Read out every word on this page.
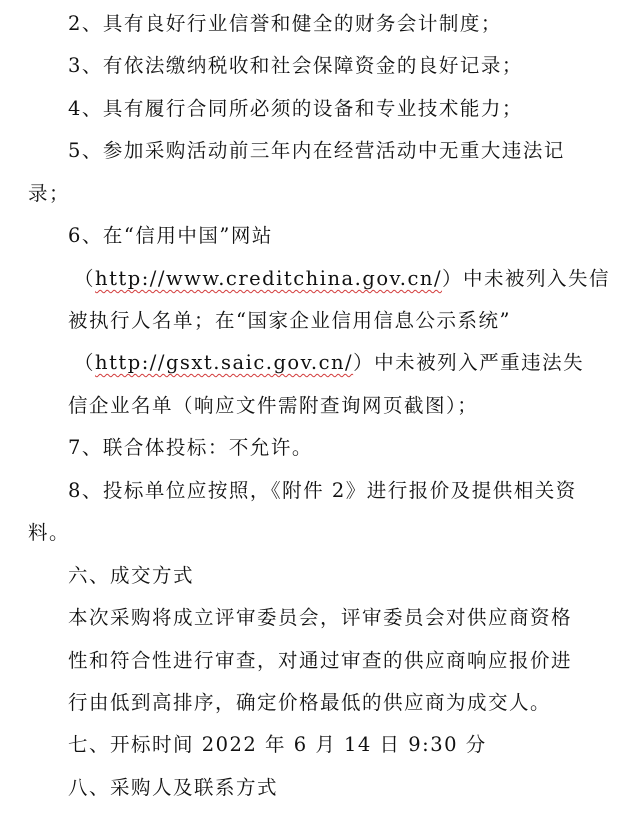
2、具有良好行业信誉和健全的财务会计制度；
3、有依法缴纳税收和社会保障资金的良好记录；
4、具有履行合同所必须的设备和专业技术能力；
5、参加采购活动前三年内在经营活动中无重大违法记
录；
6、在“信用中国”网站
（http://www.creditchina.gov.cn/）中未被列入失信
被执行人名单；在“国家企业信用信息公示系统”
（http://gsxt.saic.gov.cn/）中未被列入严重违法失
信企业名单（响应文件需附查询网页截图）；
7、联合体投标：不允许。
8、投标单位应按照，《附件 2》进行报价及提供相关资
料。
六、成交方式
本次采购将成立评审委员会，评审委员会对供应商资格
性和符合性进行审查，对通过审查的供应商响应报价进
行由低到高排序，确定价格最低的供应商为成交人。
七、开标时间 2022 年 6 月 14 日 9:30 分
八、采购人及联系方式
